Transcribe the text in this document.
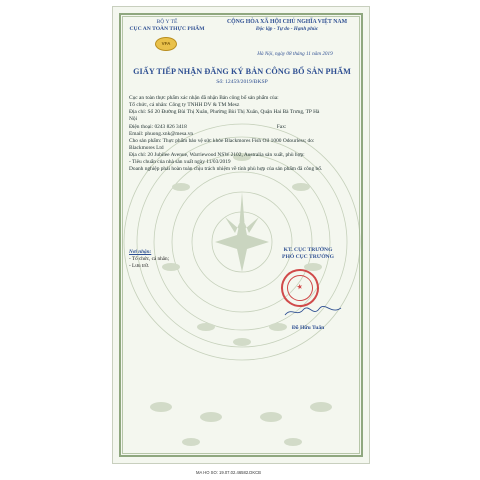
BỘ Y TẾ
CỤC AN TOÀN THỰC PHẨM
VFA
CỘNG HÒA XÃ HỘI CHỦ NGHĨA VIỆT NAM
Độc lập - Tự do - Hạnh phúc
Hà Nội, ngày 08 tháng 11 năm 2019
GIẤY TIẾP NHẬN ĐĂNG KÝ BẢN CÔNG BỐ SẢN PHẨM
Số: 12459/2019/ĐKSP
Cục an toàn thực phẩm xác nhận đã nhận Bản công bố sản phẩm của:
Tổ chức, cá nhân: Công ty TNHH DV & TM Mesz
Địa chỉ: Số 20 Đường Bùi Thị Xuân, Phường Bùi Thị Xuân, Quận Hai Bà Trưng, TP Hà
Nội
Điện thoại: 0243 826 3418	Fax:
Email: phuong.xnk@mesa.vn
Cho sản phẩm: Thực phẩm bảo vệ sức khỏe Blackmores Fish Oil 1000 Odourless; do:
Blackmores Ltd
Địa chỉ: 20 Jubilee Avenue, Warriewood NSW 2102, Australia sản xuất, phù hợp:
- Tiêu chuẩn của nhà sản xuất ngày 11/03/2019
Doanh nghiệp phải hoàn toàn chịu trách nhiệm về tính phù hợp của sản phẩm đã công bố.
Nơi nhận:
- Tổ chức, cá nhân;
- Lưu trữ.
KT. CỤC TRƯỞNG
PHÓ CỤC TRƯỞNG
★
Đỗ Hữu Tuấn
MA HO SO: 19.07.02.46582.DKCB
